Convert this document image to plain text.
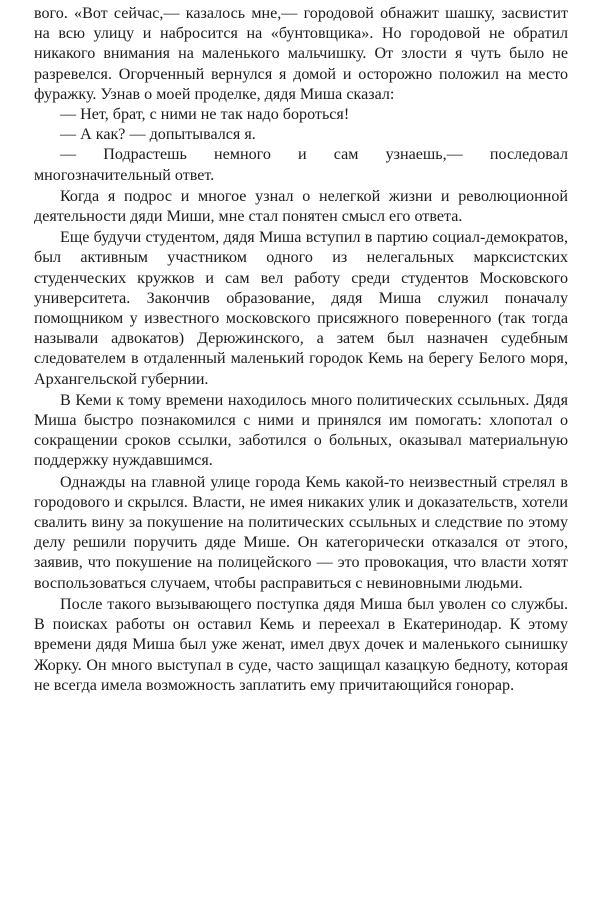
вого. «Вот сейчас,— казалось мне,— городовой обнажит шашку, засвистит на всю улицу и набросится на «бунтовщика». Но городовой не обратил никакого внимания на маленького мальчишку. От злости я чуть было не разревелся. Огорченный вернулся я домой и осторожно положил на место фуражку. Узнав о моей проделке, дядя Миша сказал:

— Нет, брат, с ними не так надо бороться!

— А как? — допытывался я.

— Подрастешь немного и сам узнаешь,— последовал многозначительный ответ.

Когда я подрос и многое узнал о нелегкой жизни и революционной деятельности дяди Миши, мне стал понятен смысл его ответа.

Еще будучи студентом, дядя Миша вступил в партию социал-демократов, был активным участником одного из нелегальных марксистских студенческих кружков и сам вел работу среди студентов Московского университета. Закончив образование, дядя Миша служил поначалу помощником у известного московского присяжного поверенного (так тогда называли адвокатов) Дерюжинского, а затем был назначен судебным следователем в отдаленный маленький городок Кемь на берегу Белого моря, Архангельской губернии.

В Кеми к тому времени находилось много политических ссыльных. Дядя Миша быстро познакомился с ними и принялся им помогать: хлопотал о сокращении сроков ссылки, заботился о больных, оказывал материальную поддержку нуждавшимся.

Однажды на главной улице города Кемь какой-то неизвестный стрелял в городового и скрылся. Власти, не имея никаких улик и доказательств, хотели свалить вину за покушение на политических ссыльных и следствие по этому делу решили поручить дяде Мише. Он категорически отказался от этого, заявив, что покушение на полицейского — это провокация, что власти хотят воспользоваться случаем, чтобы расправиться с невиновными людьми.

После такого вызывающего поступка дядя Миша был уволен со службы. В поисках работы он оставил Кемь и переехал в Екатеринодар. К этому времени дядя Миша был уже женат, имел двух дочек и маленького сынишку Жорку. Он много выступал в суде, часто защищал казацкую бедноту, которая не всегда имела возможность заплатить ему причитающийся гонорар.
